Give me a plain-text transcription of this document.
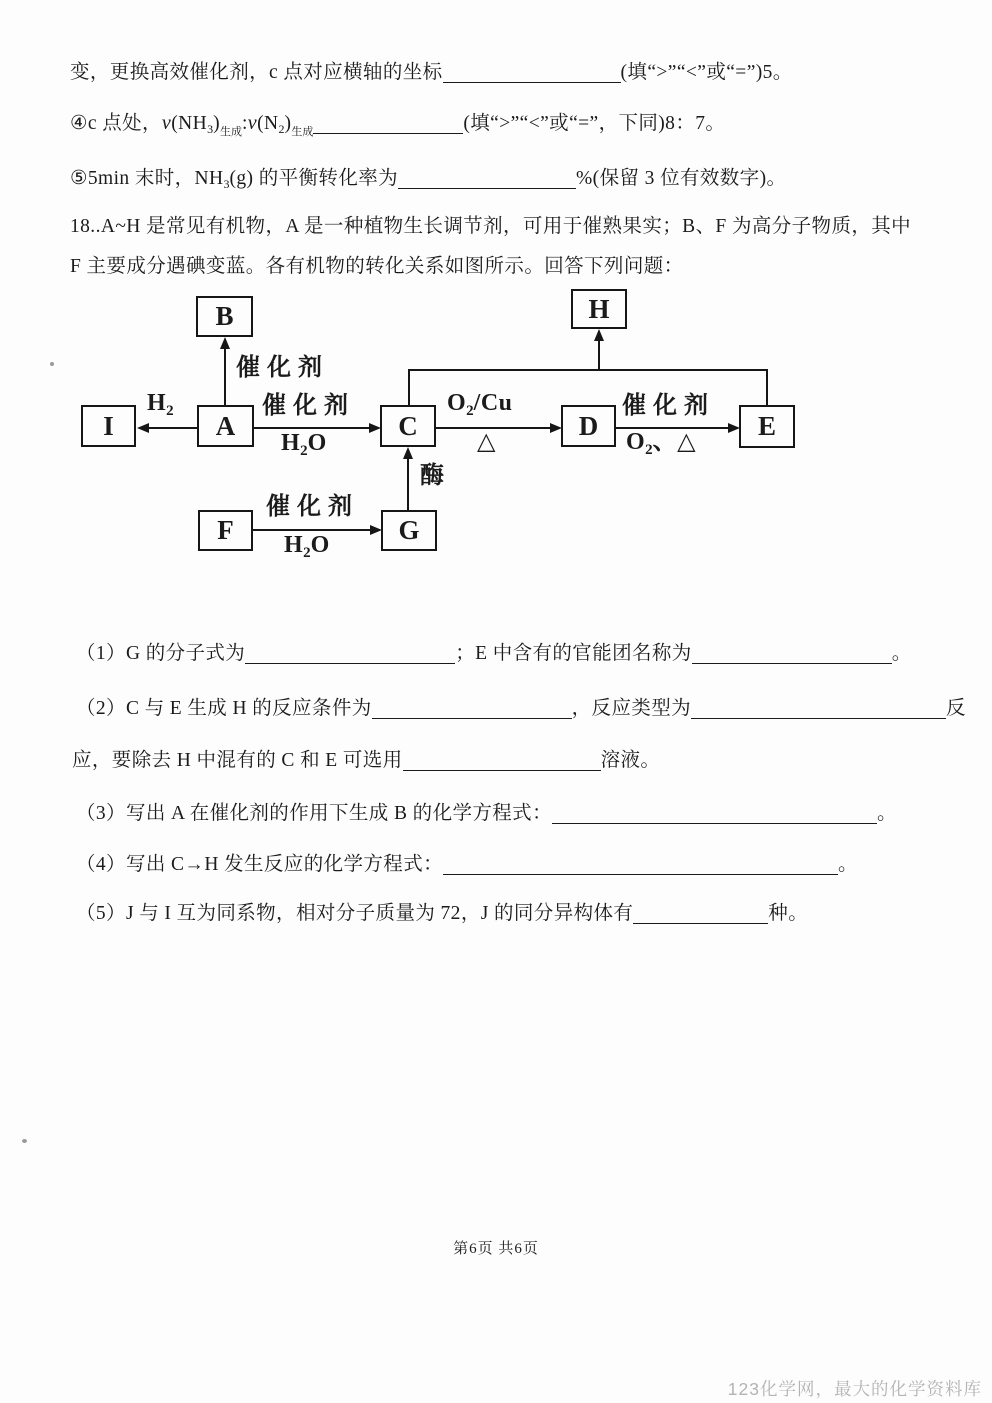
变，更换高效催化剂，c 点对应横轴的坐标	(填“>”“<”或“=”)5。
④c 点处，$\nu(NH_3)_{生成}:\nu(N_2)_{生成}$	(填“>”“<”或“=”，下同)8：7。
⑤5min 末时，$NH_3(g)$ 的平衡转化率为	%(保留 3 位有效数字)。
18..A~H 是常见有机物，A 是一种植物生长调节剂，可用于催熟果实；B、F 为高分子物质，其中
F 主要成分遇碘变蓝。各有机物的转化关系如图所示。回答下列问题：
I	A
B
C	D	E
F	G
H
$H_2$
催化剂
催化剂
$H_2O$
$O_2/Cu$
△
催化剂
$O_2$、△
催化剂
$H_2O$
酶
（1）G 的分子式为	；E 中含有的官能团名称为	。
（2）C 与 E 生成 H 的反应条件为	，反应类型为	反
应，要除去 H 中混有的 C 和 E 可选用	溶液。
（3）写出 A 在催化剂的作用下生成 B 的化学方程式：	。
（4）写出 C→H 发生反应的化学方程式：	。
（5）J 与 I 互为同系物，相对分子质量为 72，J 的同分异构体有	种。
第6页 共6页
123化学网，最大的化学资料库
